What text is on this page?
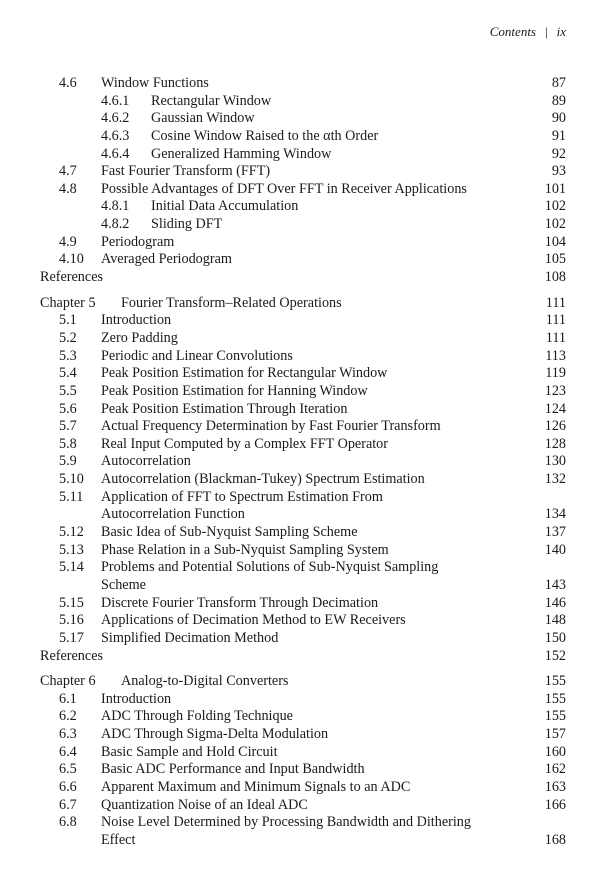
Contents | ix
4.6 Window Functions	87
4.6.1 Rectangular Window	89
4.6.2 Gaussian Window	90
4.6.3 Cosine Window Raised to the αth Order	91
4.6.4 Generalized Hamming Window	92
4.7 Fast Fourier Transform (FFT)	93
4.8 Possible Advantages of DFT Over FFT in Receiver Applications	101
4.8.1 Initial Data Accumulation	102
4.8.2 Sliding DFT	102
4.9 Periodogram	104
4.10 Averaged Periodogram	105
References	108
Chapter 5 Fourier Transform–Related Operations	111
5.1 Introduction	111
5.2 Zero Padding	111
5.3 Periodic and Linear Convolutions	113
5.4 Peak Position Estimation for Rectangular Window	119
5.5 Peak Position Estimation for Hanning Window	123
5.6 Peak Position Estimation Through Iteration	124
5.7 Actual Frequency Determination by Fast Fourier Transform	126
5.8 Real Input Computed by a Complex FFT Operator	128
5.9 Autocorrelation	130
5.10 Autocorrelation (Blackman-Tukey) Spectrum Estimation	132
5.11 Application of FFT to Spectrum Estimation From
Autocorrelation Function	134
5.12 Basic Idea of Sub-Nyquist Sampling Scheme	137
5.13 Phase Relation in a Sub-Nyquist Sampling System	140
5.14 Problems and Potential Solutions of Sub-Nyquist Sampling
Scheme	143
5.15 Discrete Fourier Transform Through Decimation	146
5.16 Applications of Decimation Method to EW Receivers	148
5.17 Simplified Decimation Method	150
References	152
Chapter 6 Analog-to-Digital Converters	155
6.1 Introduction	155
6.2 ADC Through Folding Technique	155
6.3 ADC Through Sigma-Delta Modulation	157
6.4 Basic Sample and Hold Circuit	160
6.5 Basic ADC Performance and Input Bandwidth	162
6.6 Apparent Maximum and Minimum Signals to an ADC	163
6.7 Quantization Noise of an Ideal ADC	166
6.8 Noise Level Determined by Processing Bandwidth and Dithering
Effect	168
